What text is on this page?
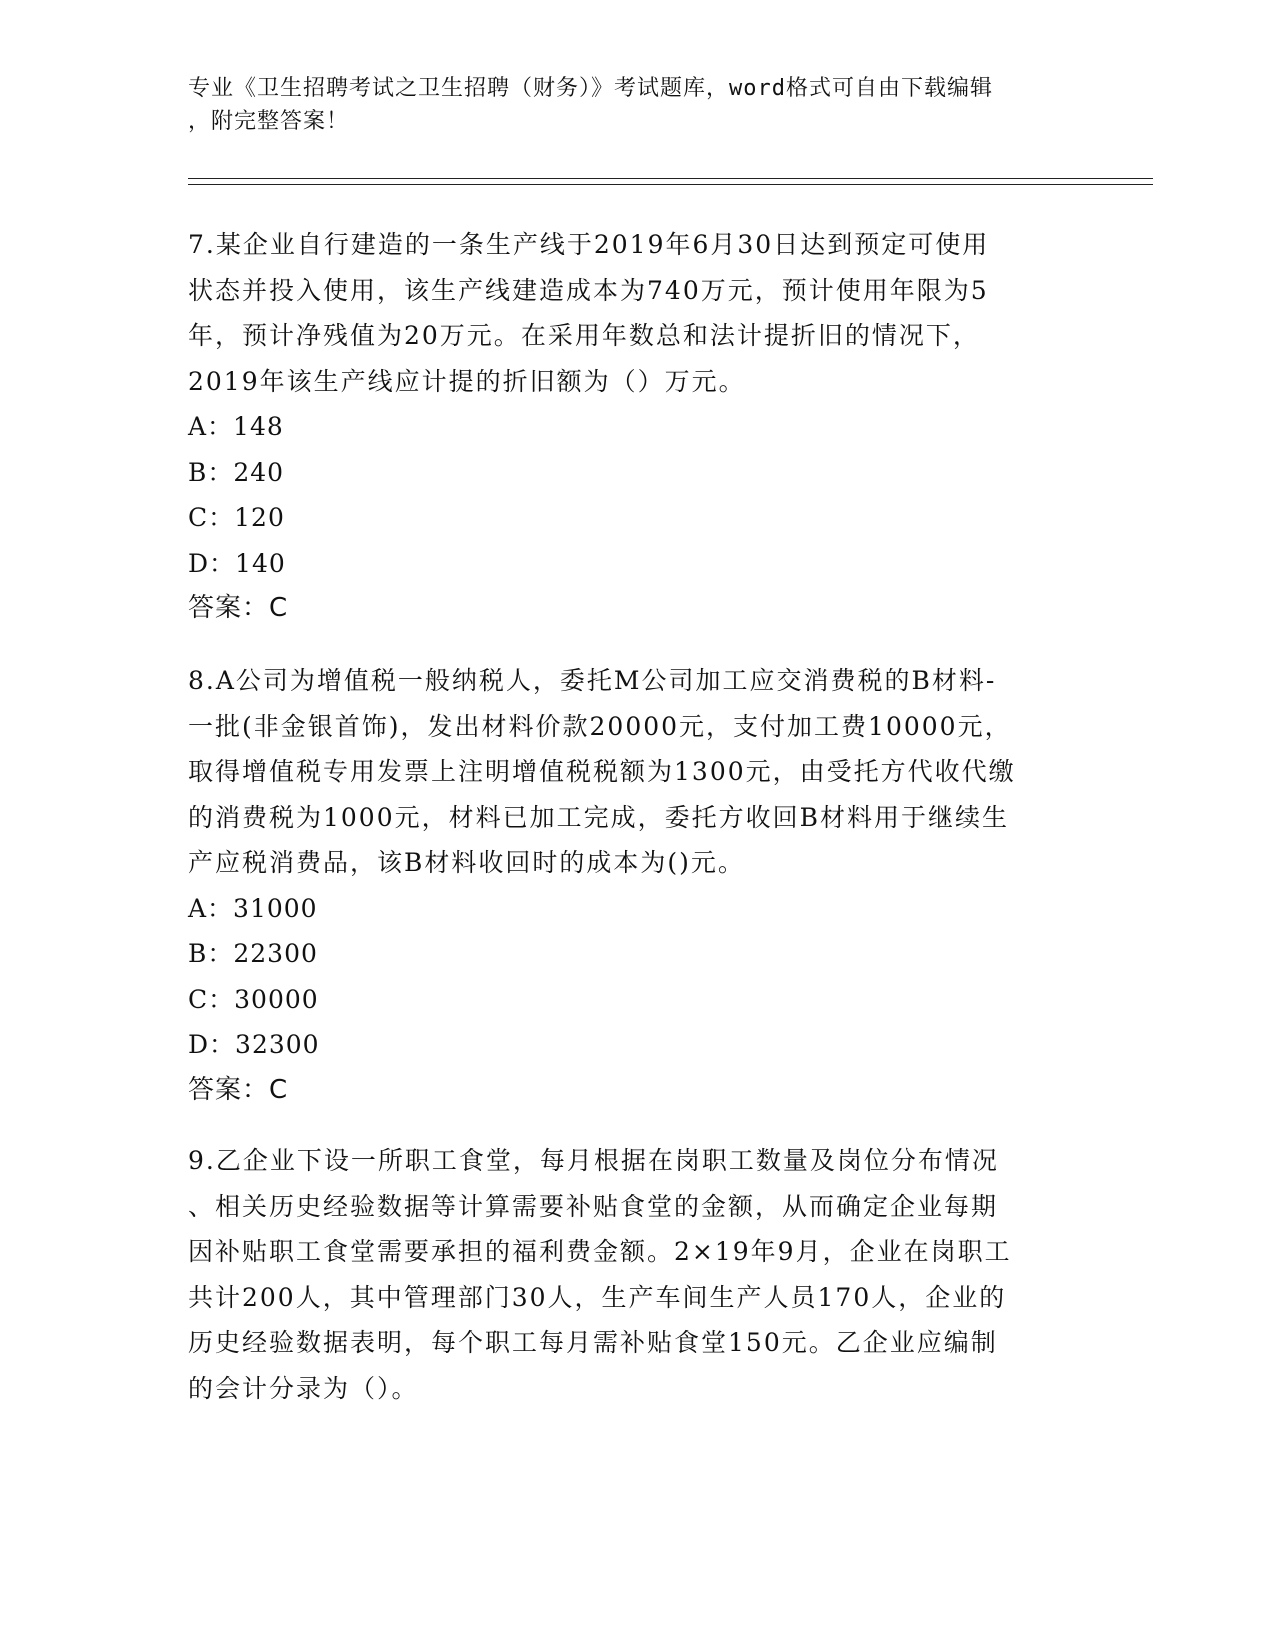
专业《卫生招聘考试之卫生招聘（财务）》考试题库，word格式可自由下载编辑
，附完整答案！
7.某企业自行建造的一条生产线于2019年6月30日达到预定可使用
状态并投入使用，该生产线建造成本为740万元，预计使用年限为5
年，预计净残值为20万元。在采用年数总和法计提折旧的情况下，
2019年该生产线应计提的折旧额为（）万元。
A：148
B：240
C：120
D：140
答案：C
8.A公司为增值税一般纳税人，委托M公司加工应交消费税的B材料-
一批(非金银首饰)，发出材料价款20000元，支付加工费10000元，
取得增值税专用发票上注明增值税税额为1300元，由受托方代收代缴
的消费税为1000元，材料已加工完成，委托方收回B材料用于继续生
产应税消费品，该B材料收回时的成本为()元。
A：31000
B：22300
C：30000
D：32300
答案：C
9.乙企业下设一所职工食堂，每月根据在岗职工数量及岗位分布情况
、相关历史经验数据等计算需要补贴食堂的金额，从而确定企业每期
因补贴职工食堂需要承担的福利费金额。2×19年9月，企业在岗职工
共计200人，其中管理部门30人，生产车间生产人员170人，企业的
历史经验数据表明，每个职工每月需补贴食堂150元。乙企业应编制
的会计分录为（）。
